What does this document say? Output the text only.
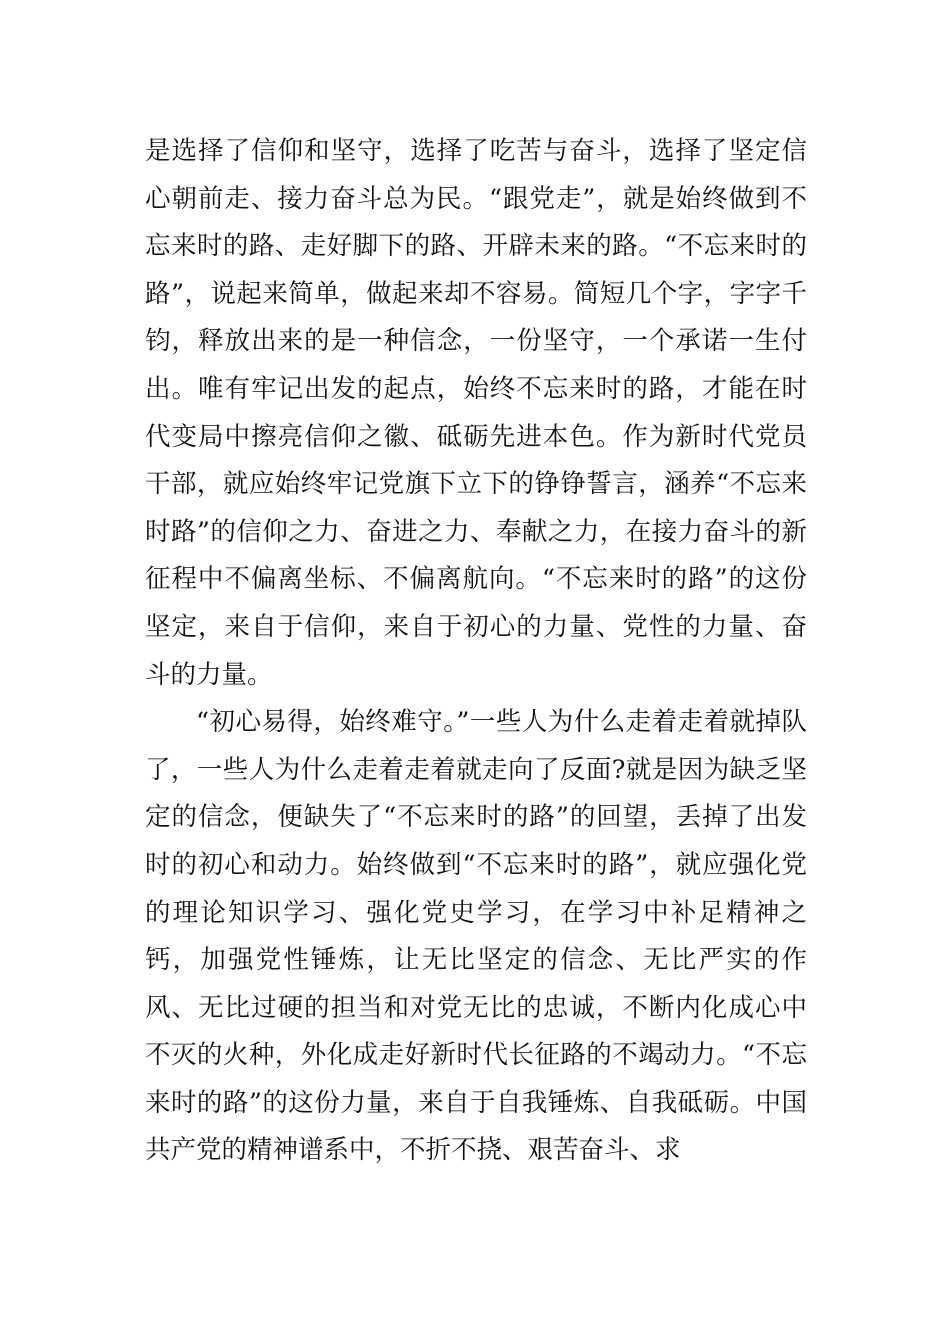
是选择了信仰和坚守，选择了吃苦与奋斗，选择了坚定信心朝前走、接力奋斗总为民。“跟党走”，就是始终做到不忘来时的路、走好脚下的路、开辟未来的路。“不忘来时的路”，说起来简单，做起来却不容易。简短几个字，字字千钧，释放出来的是一种信念，一份坚守，一个承诺一生付出。唯有牢记出发的起点，始终不忘来时的路，才能在时代变局中擦亮信仰之徽、砥砺先进本色。作为新时代党员干部，就应始终牢记党旗下立下的铮铮誓言，涵养“不忘来时路”的信仰之力、奋进之力、奉献之力，在接力奋斗的新征程中不偏离坐标、不偏离航向。“不忘来时的路”的这份坚定，来自于信仰，来自于初心的力量、党性的力量、奋斗的力量。

“初心易得，始终难守。”一些人为什么走着走着就掉队了，一些人为什么走着走着就走向了反面?就是因为缺乏坚定的信念，便缺失了“不忘来时的路”的回望，丢掉了出发时的初心和动力。始终做到“不忘来时的路”，就应强化党的理论知识学习、强化党史学习，在学习中补足精神之钙，加强党性锤炼，让无比坚定的信念、无比严实的作风、无比过硬的担当和对党无比的忠诚，不断内化成心中不灭的火种，外化成走好新时代长征路的不竭动力。“不忘来时的路”的这份力量，来自于自我锤炼、自我砥砺。中国共产党的精神谱系中，不折不挠、艰苦奋斗、求
